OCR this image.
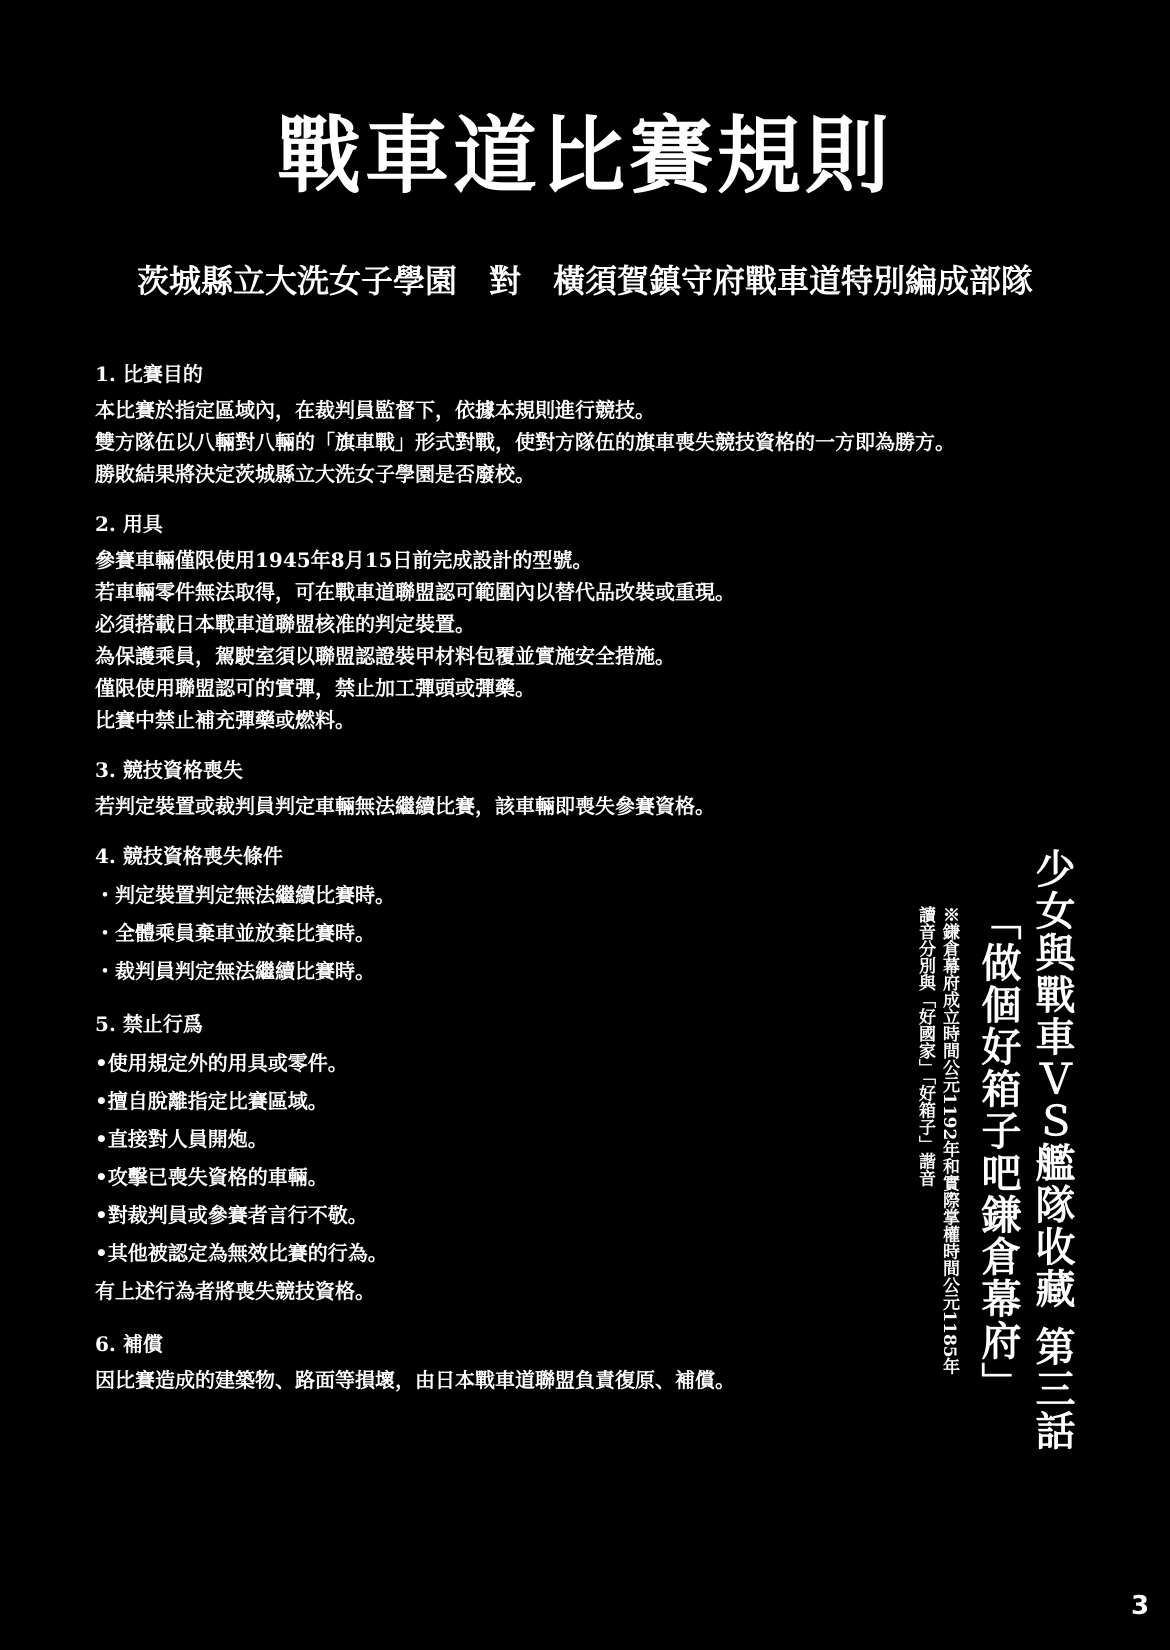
戰車道比賽規則
茨城縣立大洗女子學園　對　橫須賀鎮守府戰車道特別編成部隊
1. 比賽目的
本比賽於指定區域內，在裁判員監督下，依據本規則進行競技。
雙方隊伍以八輛對八輛的「旗車戰」形式對戰，使對方隊伍的旗車喪失競技資格的一方即為勝方。
勝敗結果將決定茨城縣立大洗女子學園是否廢校。
2. 用具
參賽車輛僅限使用1945年8月15日前完成設計的型號。
若車輛零件無法取得，可在戰車道聯盟認可範圍內以替代品改裝或重現。
必須搭載日本戰車道聯盟核准的判定裝置。
為保護乘員，駕駛室須以聯盟認證裝甲材料包覆並實施安全措施。
僅限使用聯盟認可的實彈，禁止加工彈頭或彈藥。
比賽中禁止補充彈藥或燃料。
3. 競技資格喪失
若判定裝置或裁判員判定車輛無法繼續比賽，該車輛即喪失參賽資格。
4. 競技資格喪失條件
・判定裝置判定無法繼續比賽時。
・全體乘員棄車並放棄比賽時。
・裁判員判定無法繼續比賽時。
5. 禁止行爲
•使用規定外的用具或零件。
•擅自脫離指定比賽區域。
•直接對人員開炮。
•攻擊已喪失資格的車輛。
•對裁判員或參賽者言行不敬。
•其他被認定為無效比賽的行為。
有上述行為者將喪失競技資格。
6. 補償
因比賽造成的建築物、路面等損壞，由日本戰車道聯盟負責復原、補償。	少女與戰車ＶＳ艦隊收藏 第三話
「做個好箱子吧鎌倉幕府」
※鎌倉幕府成立時間公元1192年和實際掌權時間公元1185年
讀音分別與「好國家」「好箱子」諧音
3
